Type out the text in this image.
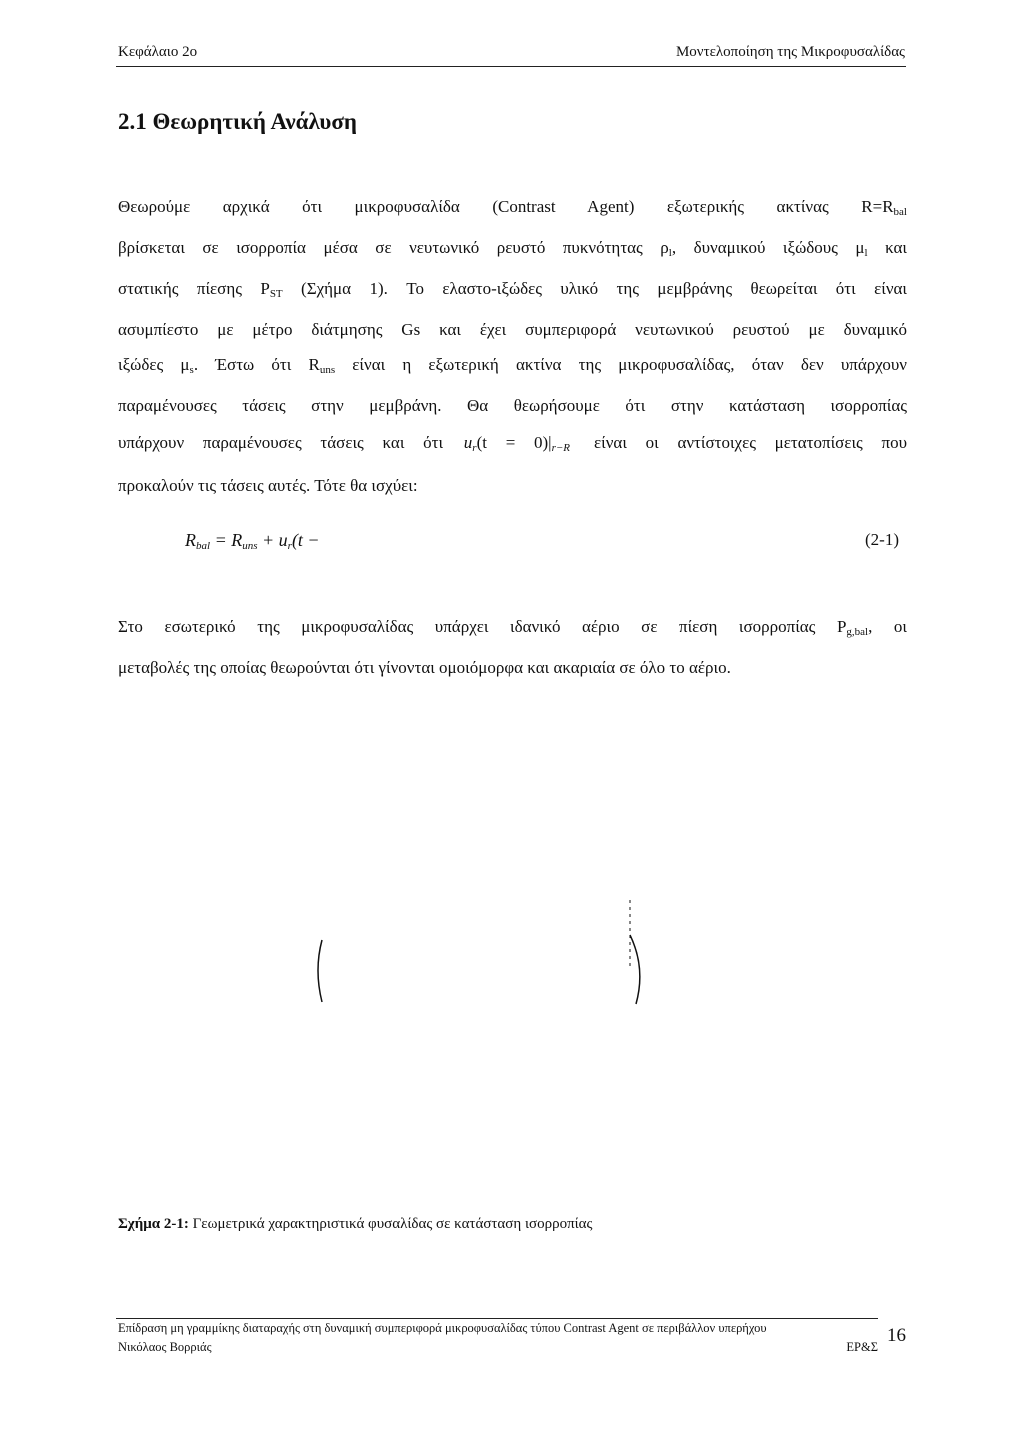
Κεφάλαιο 2ο	Μοντελοποίηση της Μικροφυσαλίδας
2.1 Θεωρητική Ανάλυση
Θεωρούμε αρχικά ότι μικροφυσαλίδα (Contrast Agent) εξωτερικής ακτίνας $R=R_{bal}$
βρίσκεται σε ισορροπία μέσα σε νευτωνικό ρευστό πυκνότητας $\rho_l$, δυναμικού ιξώδους $\mu_l$ και
στατικής πίεσης $P_{ST}$ (Σχήμα 1). Το ελαστο-ιξώδες υλικό της μεμβράνης θεωρείται ότι είναι
ασυμπίεστο με μέτρο διάτμησης Gs και έχει συμπεριφορά νευτωνικού ρευστού με δυναμικό
ιξώδες $\mu_s$. Έστω ότι $R_{uns}$ είναι η εξωτερική ακτίνα της μικροφυσαλίδας, όταν δεν υπάρχουν
παραμένουσες τάσεις στην μεμβράνη. Θα θεωρήσουμε ότι στην κατάσταση ισορροπίας
υπάρχουν παραμένουσες τάσεις και ότι $u_r(t = 0)|_{r-R}$ είναι οι αντίστοιχες μετατοπίσεις που
προκαλούν τις τάσεις αυτές. Τότε θα ισχύει:
$R_{bal} = R_{uns} + u_r(t$ −	(2-1)
Στο εσωτερικό της μικροφυσαλίδας υπάρχει ιδανικό αέριο σε πίεση ισορροπίας $P_{g,bal}$, οι
μεταβολές της οποίας θεωρούνται ότι γίνονται ομοιόμορφα και ακαριαία σε όλο το αέριο.
Σχήμα 2-1: Γεωμετρικά χαρακτηριστικά φυσαλίδας σε κατάσταση ισορροπίας
Επίδραση μη γραμμίκης διαταραχής στη δυναμική συμπεριφορά μικροφυσαλίδας τύπου Contrast Agent σε περιβάλλον υπερήχου
Νικόλαος Βορριάς	ΕΡ&Σ
16
